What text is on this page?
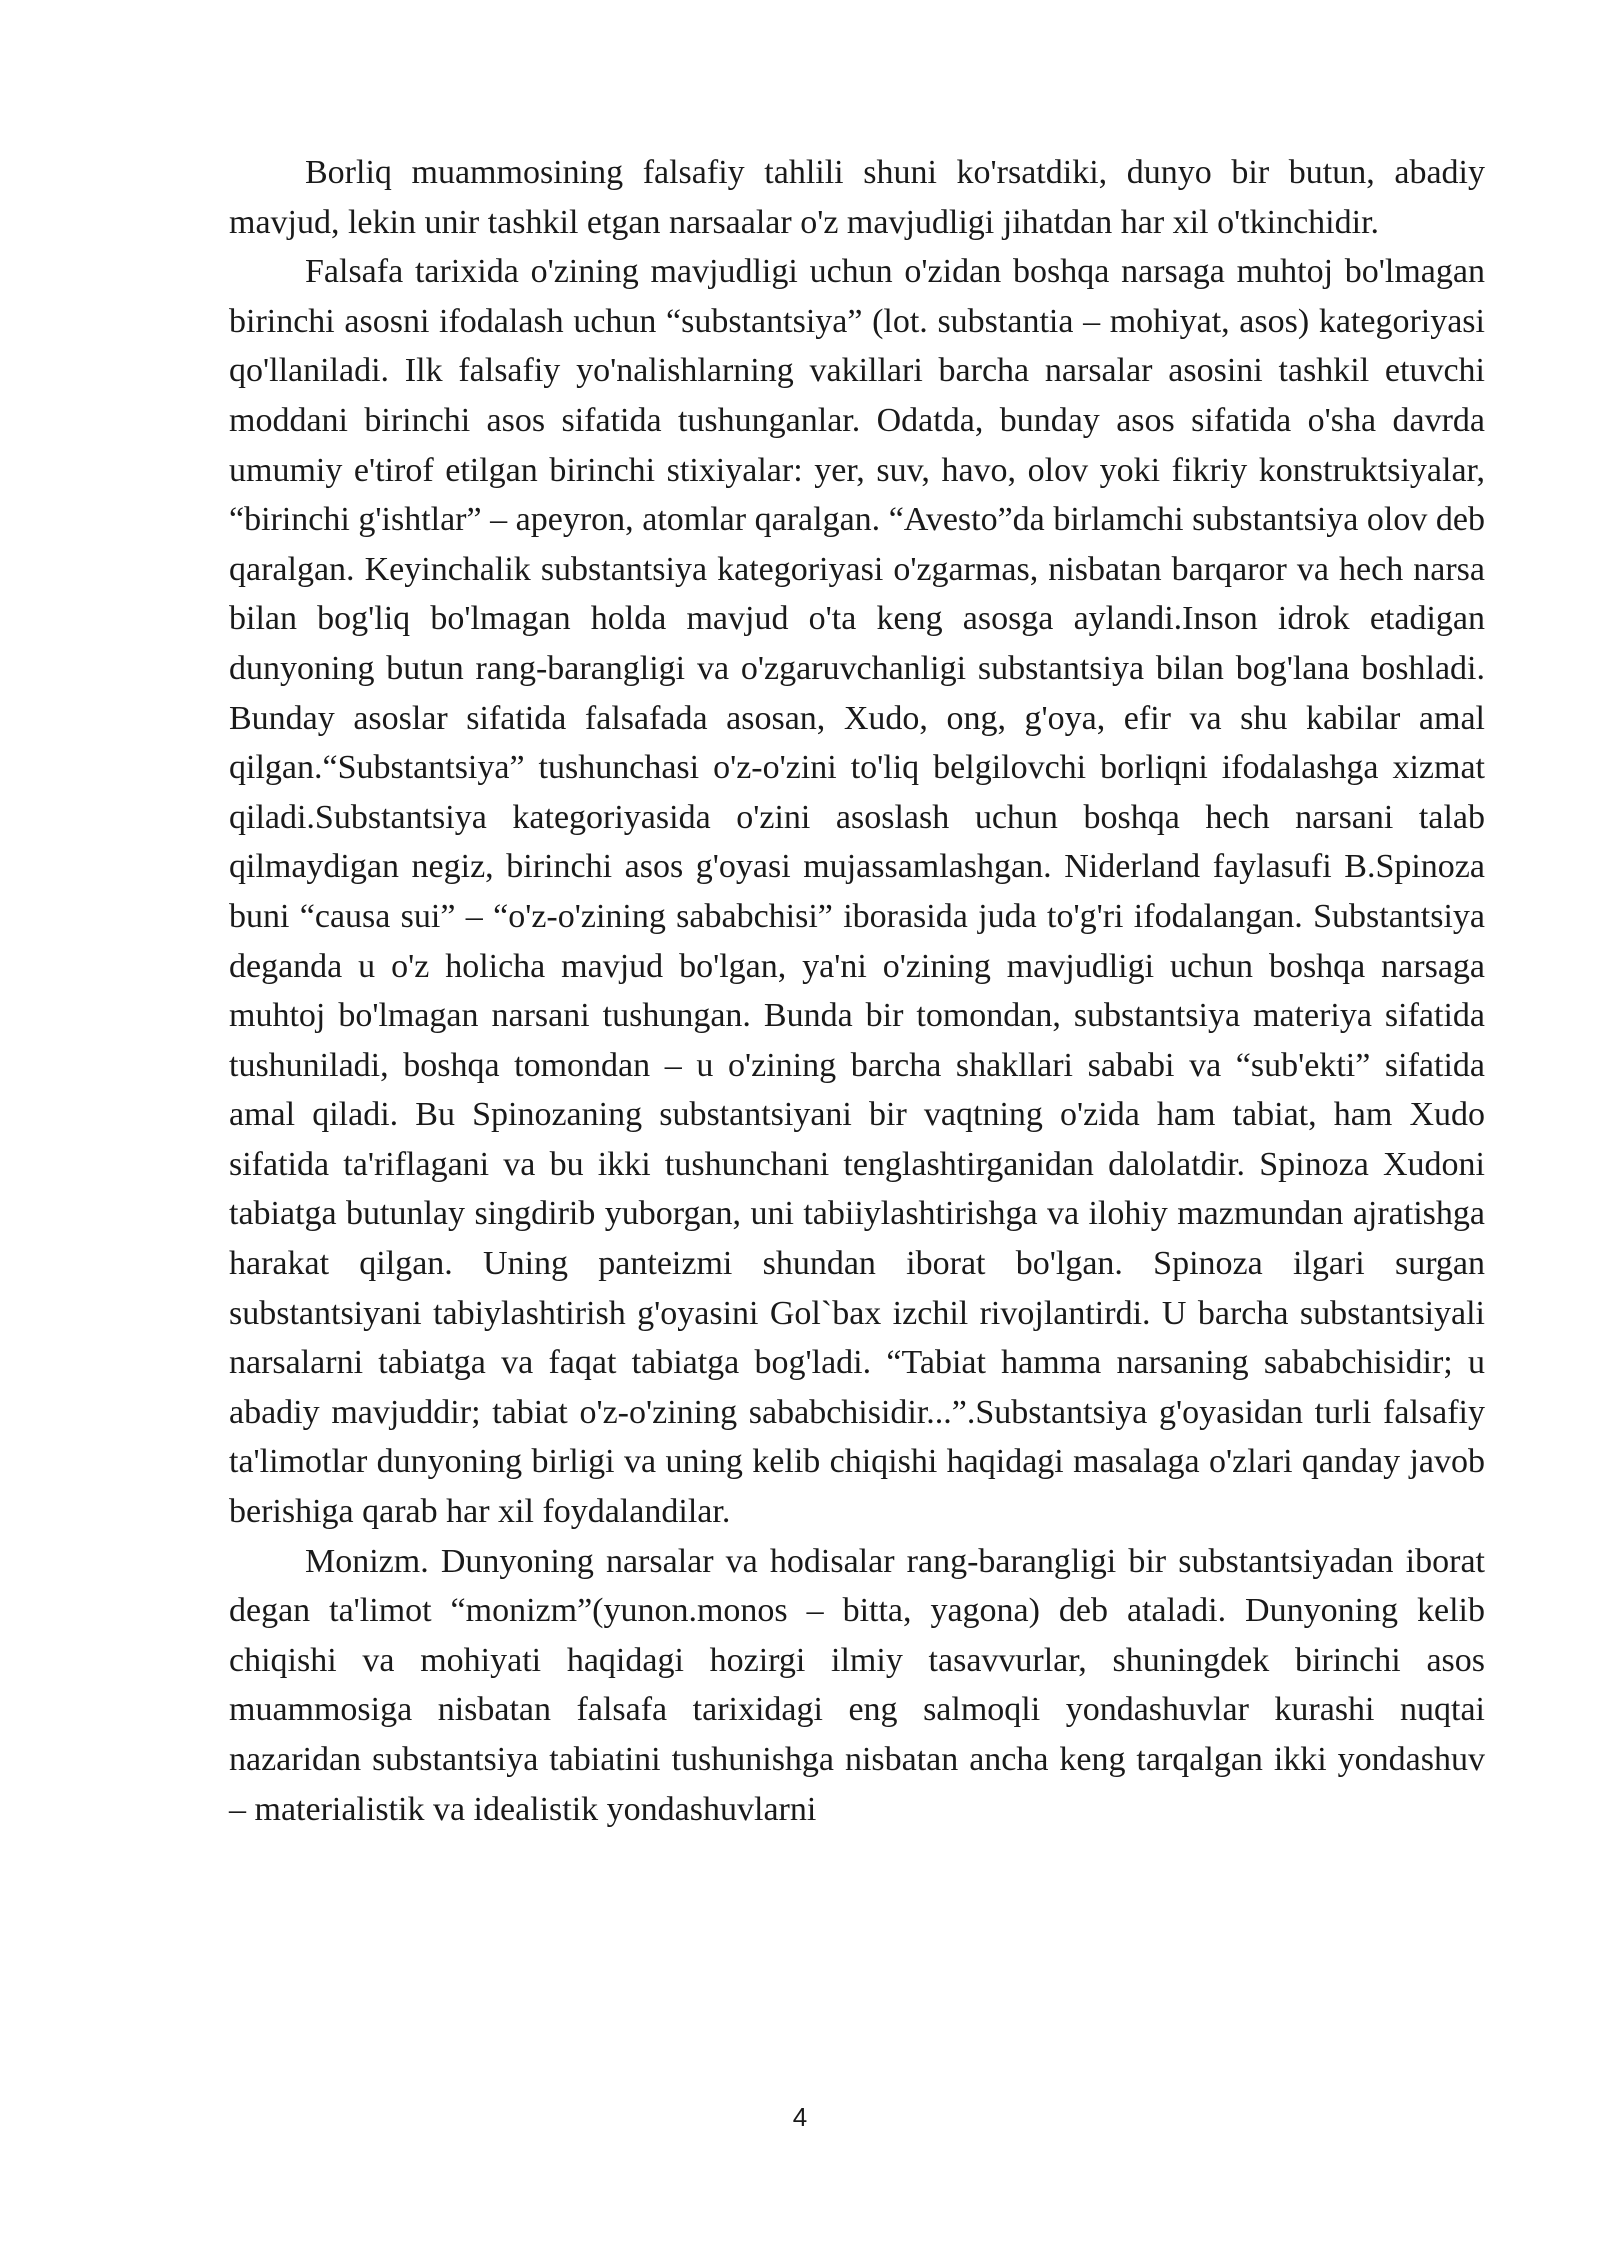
Borliq muammosining falsafiy tahlili shuni ko'rsatdiki, dunyo bir butun, abadiy mavjud, lekin unir tashkil etgan narsaalar o'z mavjudligi jihatdan har xil o'tkinchidir.

Falsafa tarixida o'zining mavjudligi uchun o'zidan boshqa narsaga muhtoj bo'lmagan birinchi asosni ifodalash uchun “substantsiya” (lot. substantia – mohiyat, asos) kategoriyasi qo'llaniladi. Ilk falsafiy yo'nalishlarning vakillari barcha narsalar asosini tashkil etuvchi moddani birinchi asos sifatida tushunganlar. Odatda, bunday asos sifatida o'sha davrda umumiy e'tirof etilgan birinchi stixiyalar: yer, suv, havo, olov yoki fikriy konstruktsiyalar, “birinchi g'ishtlar” – apeyron, atomlar qaralgan. “Avesto”da birlamchi substantsiya olov deb qaralgan. Keyinchalik substantsiya kategoriyasi o'zgarmas, nisbatan barqaror va hech narsa bilan bog'liq bo'lmagan holda mavjud o'ta keng asosga aylandi.Inson idrok etadigan dunyoning butun rang-barangligi va o'zgaruvchanligi substantsiya bilan bog'lana boshladi. Bunday asoslar sifatida falsafada asosan, Xudo, ong, g'oya, efir va shu kabilar amal qilgan.“Substantsiya” tushunchasi o'z-o'zini to'liq belgilovchi borliqni ifodalashga xizmat qiladi.Substantsiya kategoriyasida o'zini asoslash uchun boshqa hech narsani talab qilmaydigan negiz, birinchi asos g'oyasi mujassamlashgan. Niderland faylasufi B.Spinoza buni “causa sui” – “o'z-o'zining sababchisi” iborasida juda to'g'ri ifodalangan. Substantsiya deganda u o'z holicha mavjud bo'lgan, ya'ni o'zining mavjudligi uchun boshqa narsaga muhtoj bo'lmagan narsani tushungan. Bunda bir tomondan, substantsiya materiya sifatida tushuniladi, boshqa tomondan – u o'zining barcha shakllari sababi va “sub'ekti” sifatida amal qiladi. Bu Spinozaning substantsiyani bir vaqtning o'zida ham tabiat, ham Xudo sifatida ta'riflagani va bu ikki tushunchani tenglashtirganidan dalolatdir. Spinoza Xudoni tabiatga butunlay singdirib yuborgan, uni tabiiylashtirishga va ilohiy mazmundan ajratishga harakat qilgan. Uning panteizmi shundan iborat bo'lgan. Spinoza ilgari surgan substantsiyani tabiylashtirish g'oyasini Gol`bax izchil rivojlantirdi. U barcha substantsiyali narsalarni tabiatga va faqat tabiatga bog'ladi. “Tabiat hamma narsaning sababchisidir; u abadiy mavjuddir; tabiat o'z-o'zining sababchisidir...”.Substantsiya g'oyasidan turli falsafiy ta'limotlar dunyoning birligi va uning kelib chiqishi haqidagi masalaga o'zlari qanday javob berishiga qarab har xil foydalandilar.

Monizm. Dunyoning narsalar va hodisalar rang-barangligi bir substantsiyadan iborat degan ta'limot “monizm”(yunon.monos – bitta, yagona) deb ataladi. Dunyoning kelib chiqishi va mohiyati haqidagi hozirgi ilmiy tasavvurlar, shuningdek birinchi asos muammosiga nisbatan falsafa tarixidagi eng salmoqli yondashuvlar kurashi nuqtai nazaridan substantsiya tabiatini tushunishga nisbatan ancha keng tarqalgan ikki yondashuv – materialistik va idealistik yondashuvlarni

4
